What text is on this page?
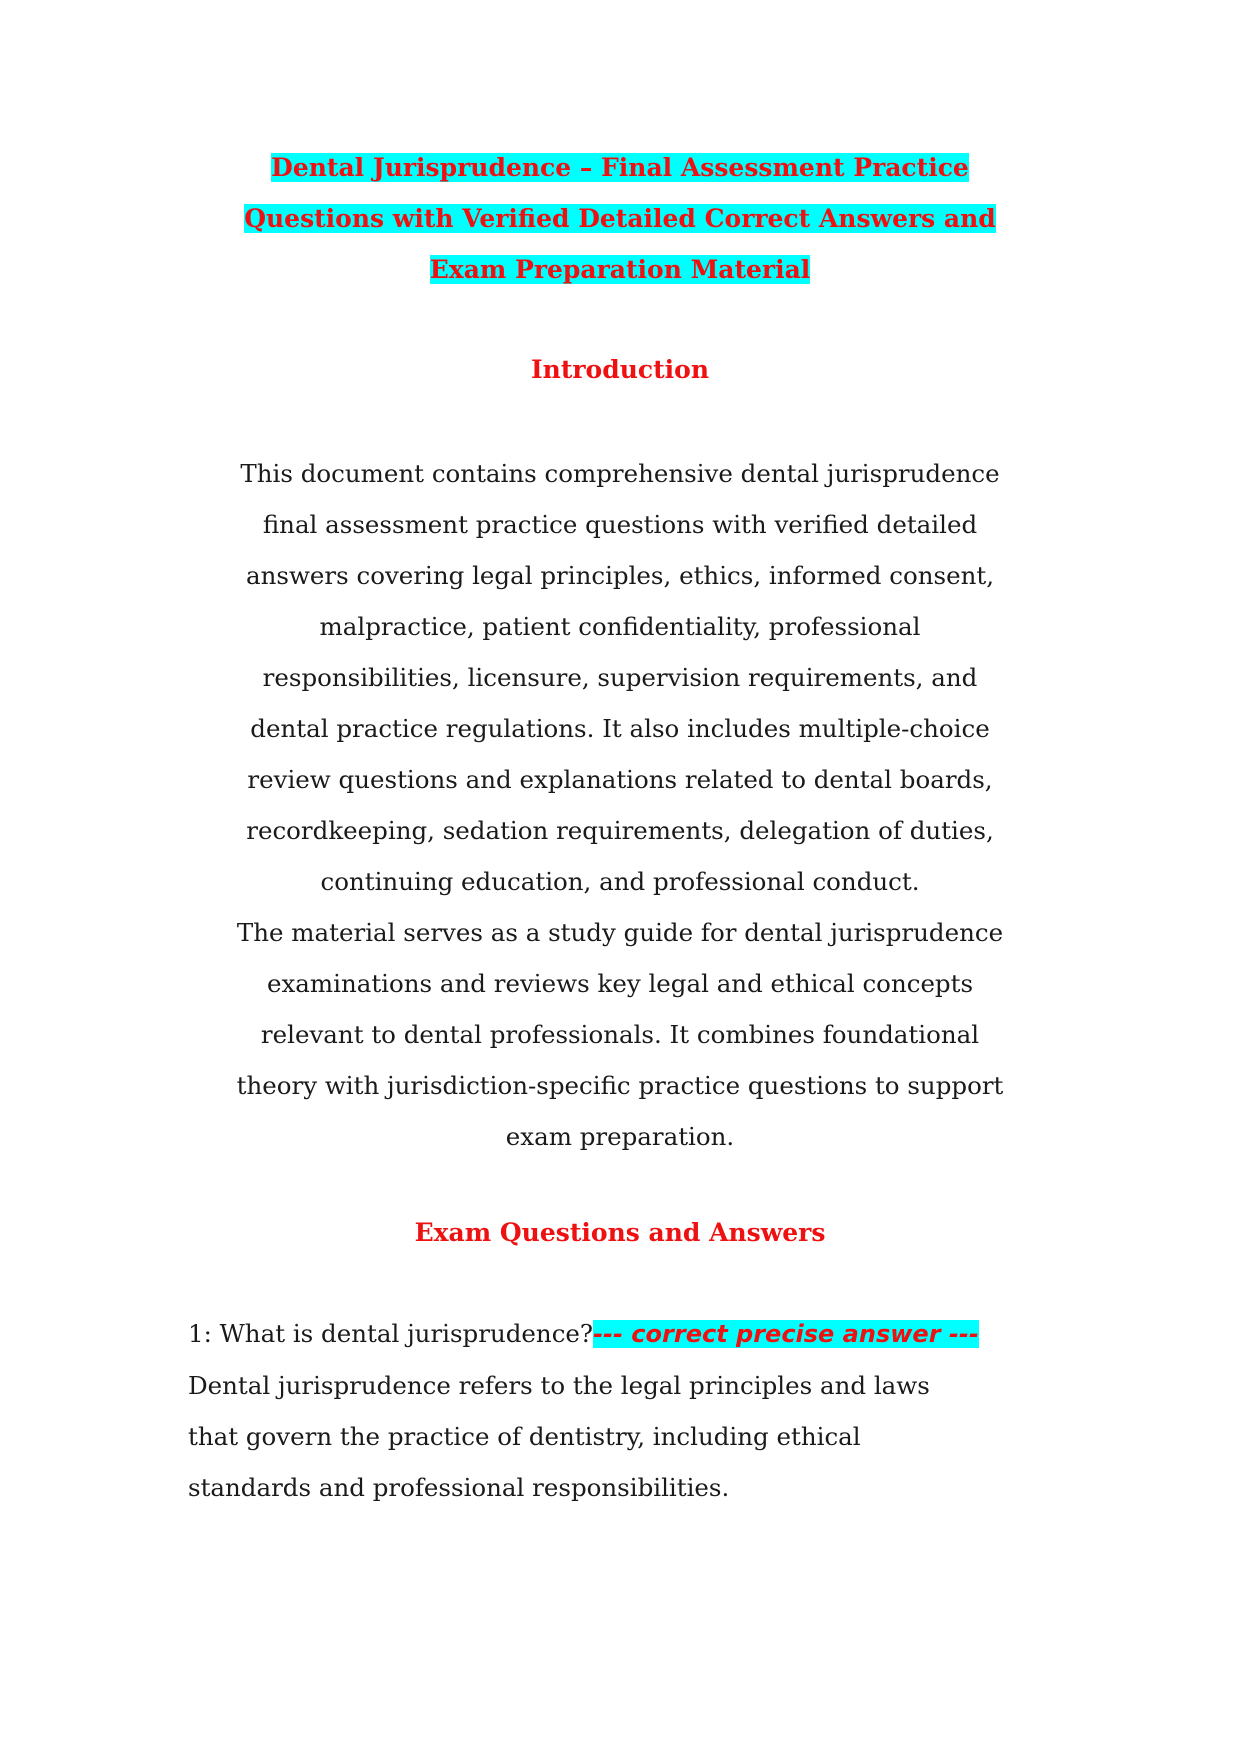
Dental Jurisprudence – Final Assessment Practice
Questions with Verified Detailed Correct Answers and
Exam Preparation Material
Introduction

This document contains comprehensive dental jurisprudence
final assessment practice questions with verified detailed
answers covering legal principles, ethics, informed consent,
malpractice, patient confidentiality, professional
responsibilities, licensure, supervision requirements, and
dental practice regulations. It also includes multiple-choice
review questions and explanations related to dental boards,
recordkeeping, sedation requirements, delegation of duties,
continuing education, and professional conduct.
The material serves as a study guide for dental jurisprudence
examinations and reviews key legal and ethical concepts
relevant to dental professionals. It combines foundational
theory with jurisdiction-specific practice questions to support
exam preparation.

Exam Questions and Answers

1: What is dental jurisprudence?--- correct precise answer ---
Dental jurisprudence refers to the legal principles and laws
that govern the practice of dentistry, including ethical
standards and professional responsibilities.
